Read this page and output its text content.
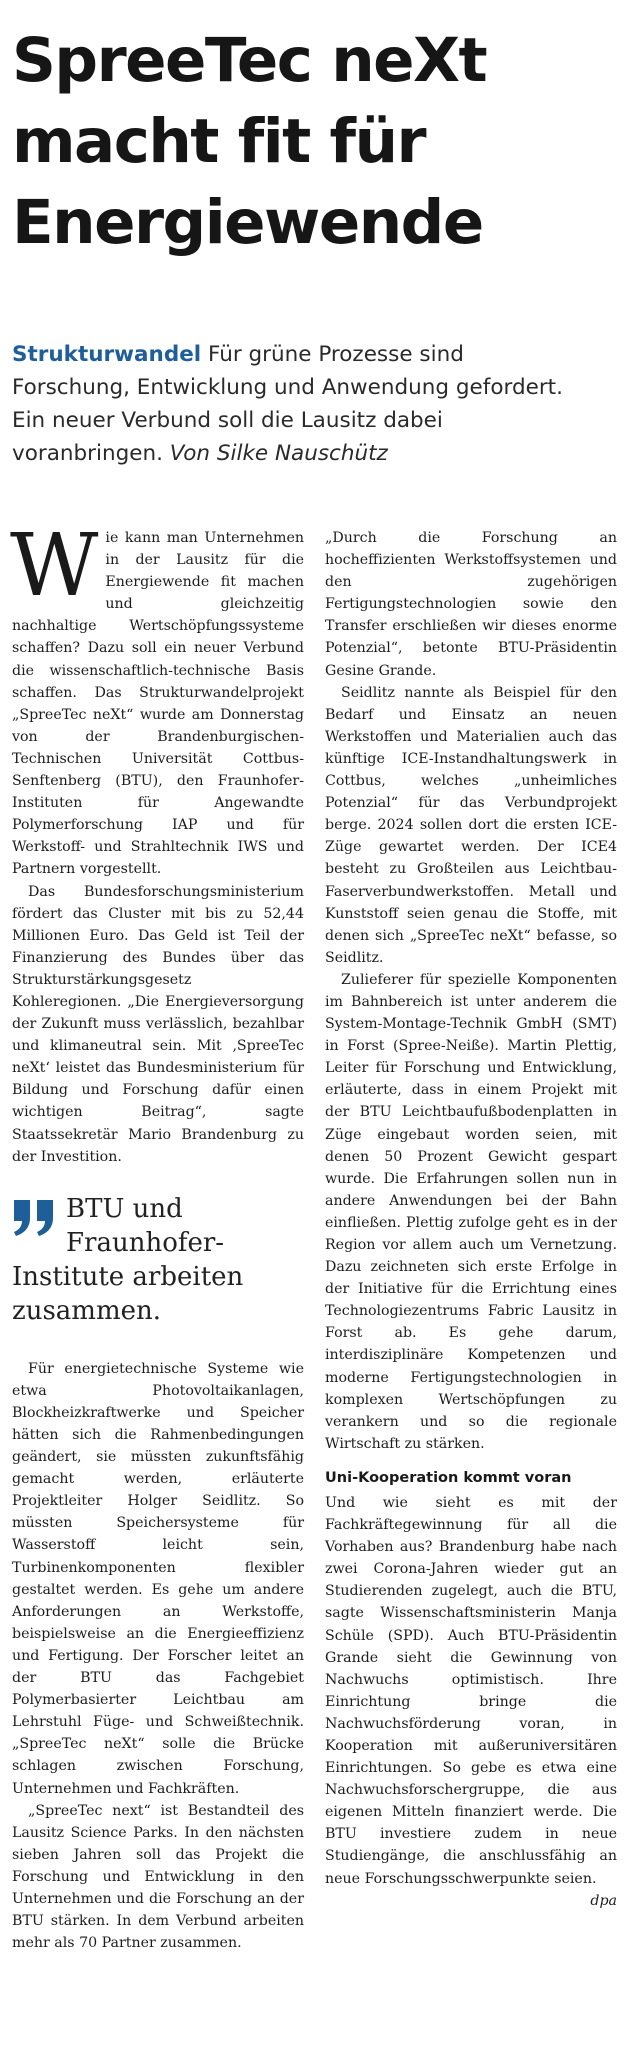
SpreeTec neXt
macht fit für
Energiewende

Strukturwandel Für grüne Prozesse sind Forschung, Entwicklung und Anwendung gefordert. Ein neuer Verbund soll die Lausitz dabei voranbringen. Von Silke Nauschütz

Wie kann man Unternehmen in der Lausitz für die Energiewende fit machen und gleichzeitig nachhaltige Wertschöpfungssysteme schaffen? Dazu soll ein neuer Verbund die wissenschaftlich-technische Basis schaffen. Das Strukturwandelprojekt „SpreeTec neXt“ wurde am Donnerstag von der Brandenburgischen-Technischen Universität Cottbus-Senftenberg (BTU), den Fraunhofer-Instituten für Angewandte Polymerforschung IAP und für Werkstoff- und Strahltechnik IWS und Partnern vorgestellt.

Das Bundesforschungsministerium fördert das Cluster mit bis zu 52,44 Millionen Euro. Das Geld ist Teil der Finanzierung des Bundes über das Strukturstärkungsgesetz Kohleregionen. „Die Energieversorgung der Zukunft muss verlässlich, bezahlbar und klimaneutral sein. Mit ‚SpreeTec neXt‘ leistet das Bundesministerium für Bildung und Forschung dafür einen wichtigen Beitrag“, sagte Staatssekretär Mario Brandenburg zu der Investition.

BTU und Fraunhofer-Institute arbeiten zusammen.

Für energietechnische Systeme wie etwa Photovoltaikanlagen, Blockheizkraftwerke und Speicher hätten sich die Rahmenbedingungen geändert, sie müssten zukunftsfähig gemacht werden, erläuterte Projektleiter Holger Seidlitz. So müssten Speichersysteme für Wasserstoff leicht sein, Turbinenkomponenten flexibler gestaltet werden. Es gehe um andere Anforderungen an Werkstoffe, beispielsweise an die Energieeffizienz und Fertigung. Der Forscher leitet an der BTU das Fachgebiet Polymerbasierter Leichtbau am Lehrstuhl Füge- und Schweißtechnik. „SpreeTec neXt“ solle die Brücke schlagen zwischen Forschung, Unternehmen und Fachkräften.

„SpreeTec next“ ist Bestandteil des Lausitz Science Parks. In den nächsten sieben Jahren soll das Projekt die Forschung und Entwicklung in den Unternehmen und die Forschung an der BTU stärken. In dem Verbund arbeiten mehr als 70 Partner zusammen.

„Durch die Forschung an hocheffizienten Werkstoffsystemen und den zugehörigen Fertigungstechnologien sowie den Transfer erschließen wir dieses enorme Potenzial“, betonte BTU-Präsidentin Gesine Grande.

Seidlitz nannte als Beispiel für den Bedarf und Einsatz an neuen Werkstoffen und Materialien auch das künftige ICE-Instandhaltungswerk in Cottbus, welches „unheimliches Potenzial“ für das Verbundprojekt berge. 2024 sollen dort die ersten ICE-Züge gewartet werden. Der ICE4 besteht zu Großteilen aus Leichtbau-Faserverbundwerkstoffen. Metall und Kunststoff seien genau die Stoffe, mit denen sich „SpreeTec neXt“ befasse, so Seidlitz.

Zulieferer für spezielle Komponenten im Bahnbereich ist unter anderem die System-Montage-Technik GmbH (SMT) in Forst (Spree-Neiße). Martin Plettig, Leiter für Forschung und Entwicklung, erläuterte, dass in einem Projekt mit der BTU Leichtbaufußbodenplatten in Züge eingebaut worden seien, mit denen 50 Prozent Gewicht gespart wurde. Die Erfahrungen sollen nun in andere Anwendungen bei der Bahn einfließen. Plettig zufolge geht es in der Region vor allem auch um Vernetzung. Dazu zeichneten sich erste Erfolge in der Initiative für die Errichtung eines Technologiezentrums Fabric Lausitz in Forst ab. Es gehe darum, interdisziplinäre Kompetenzen und moderne Fertigungstechnologien in komplexen Wertschöpfungen zu verankern und so die regionale Wirtschaft zu stärken.

Uni-Kooperation kommt voran

Und wie sieht es mit der Fachkräftegewinnung für all die Vorhaben aus? Brandenburg habe nach zwei Corona-Jahren wieder gut an Studierenden zugelegt, auch die BTU, sagte Wissenschaftsministerin Manja Schüle (SPD). Auch BTU-Präsidentin Grande sieht die Gewinnung von Nachwuchs optimistisch. Ihre Einrichtung bringe die Nachwuchsförderung voran, in Kooperation mit außeruniversitären Einrichtungen. So gebe es etwa eine Nachwuchsforschergruppe, die aus eigenen Mitteln finanziert werde. Die BTU investiere zudem in neue Studiengänge, die anschlussfähig an neue Forschungsschwerpunkte seien.
dpa
